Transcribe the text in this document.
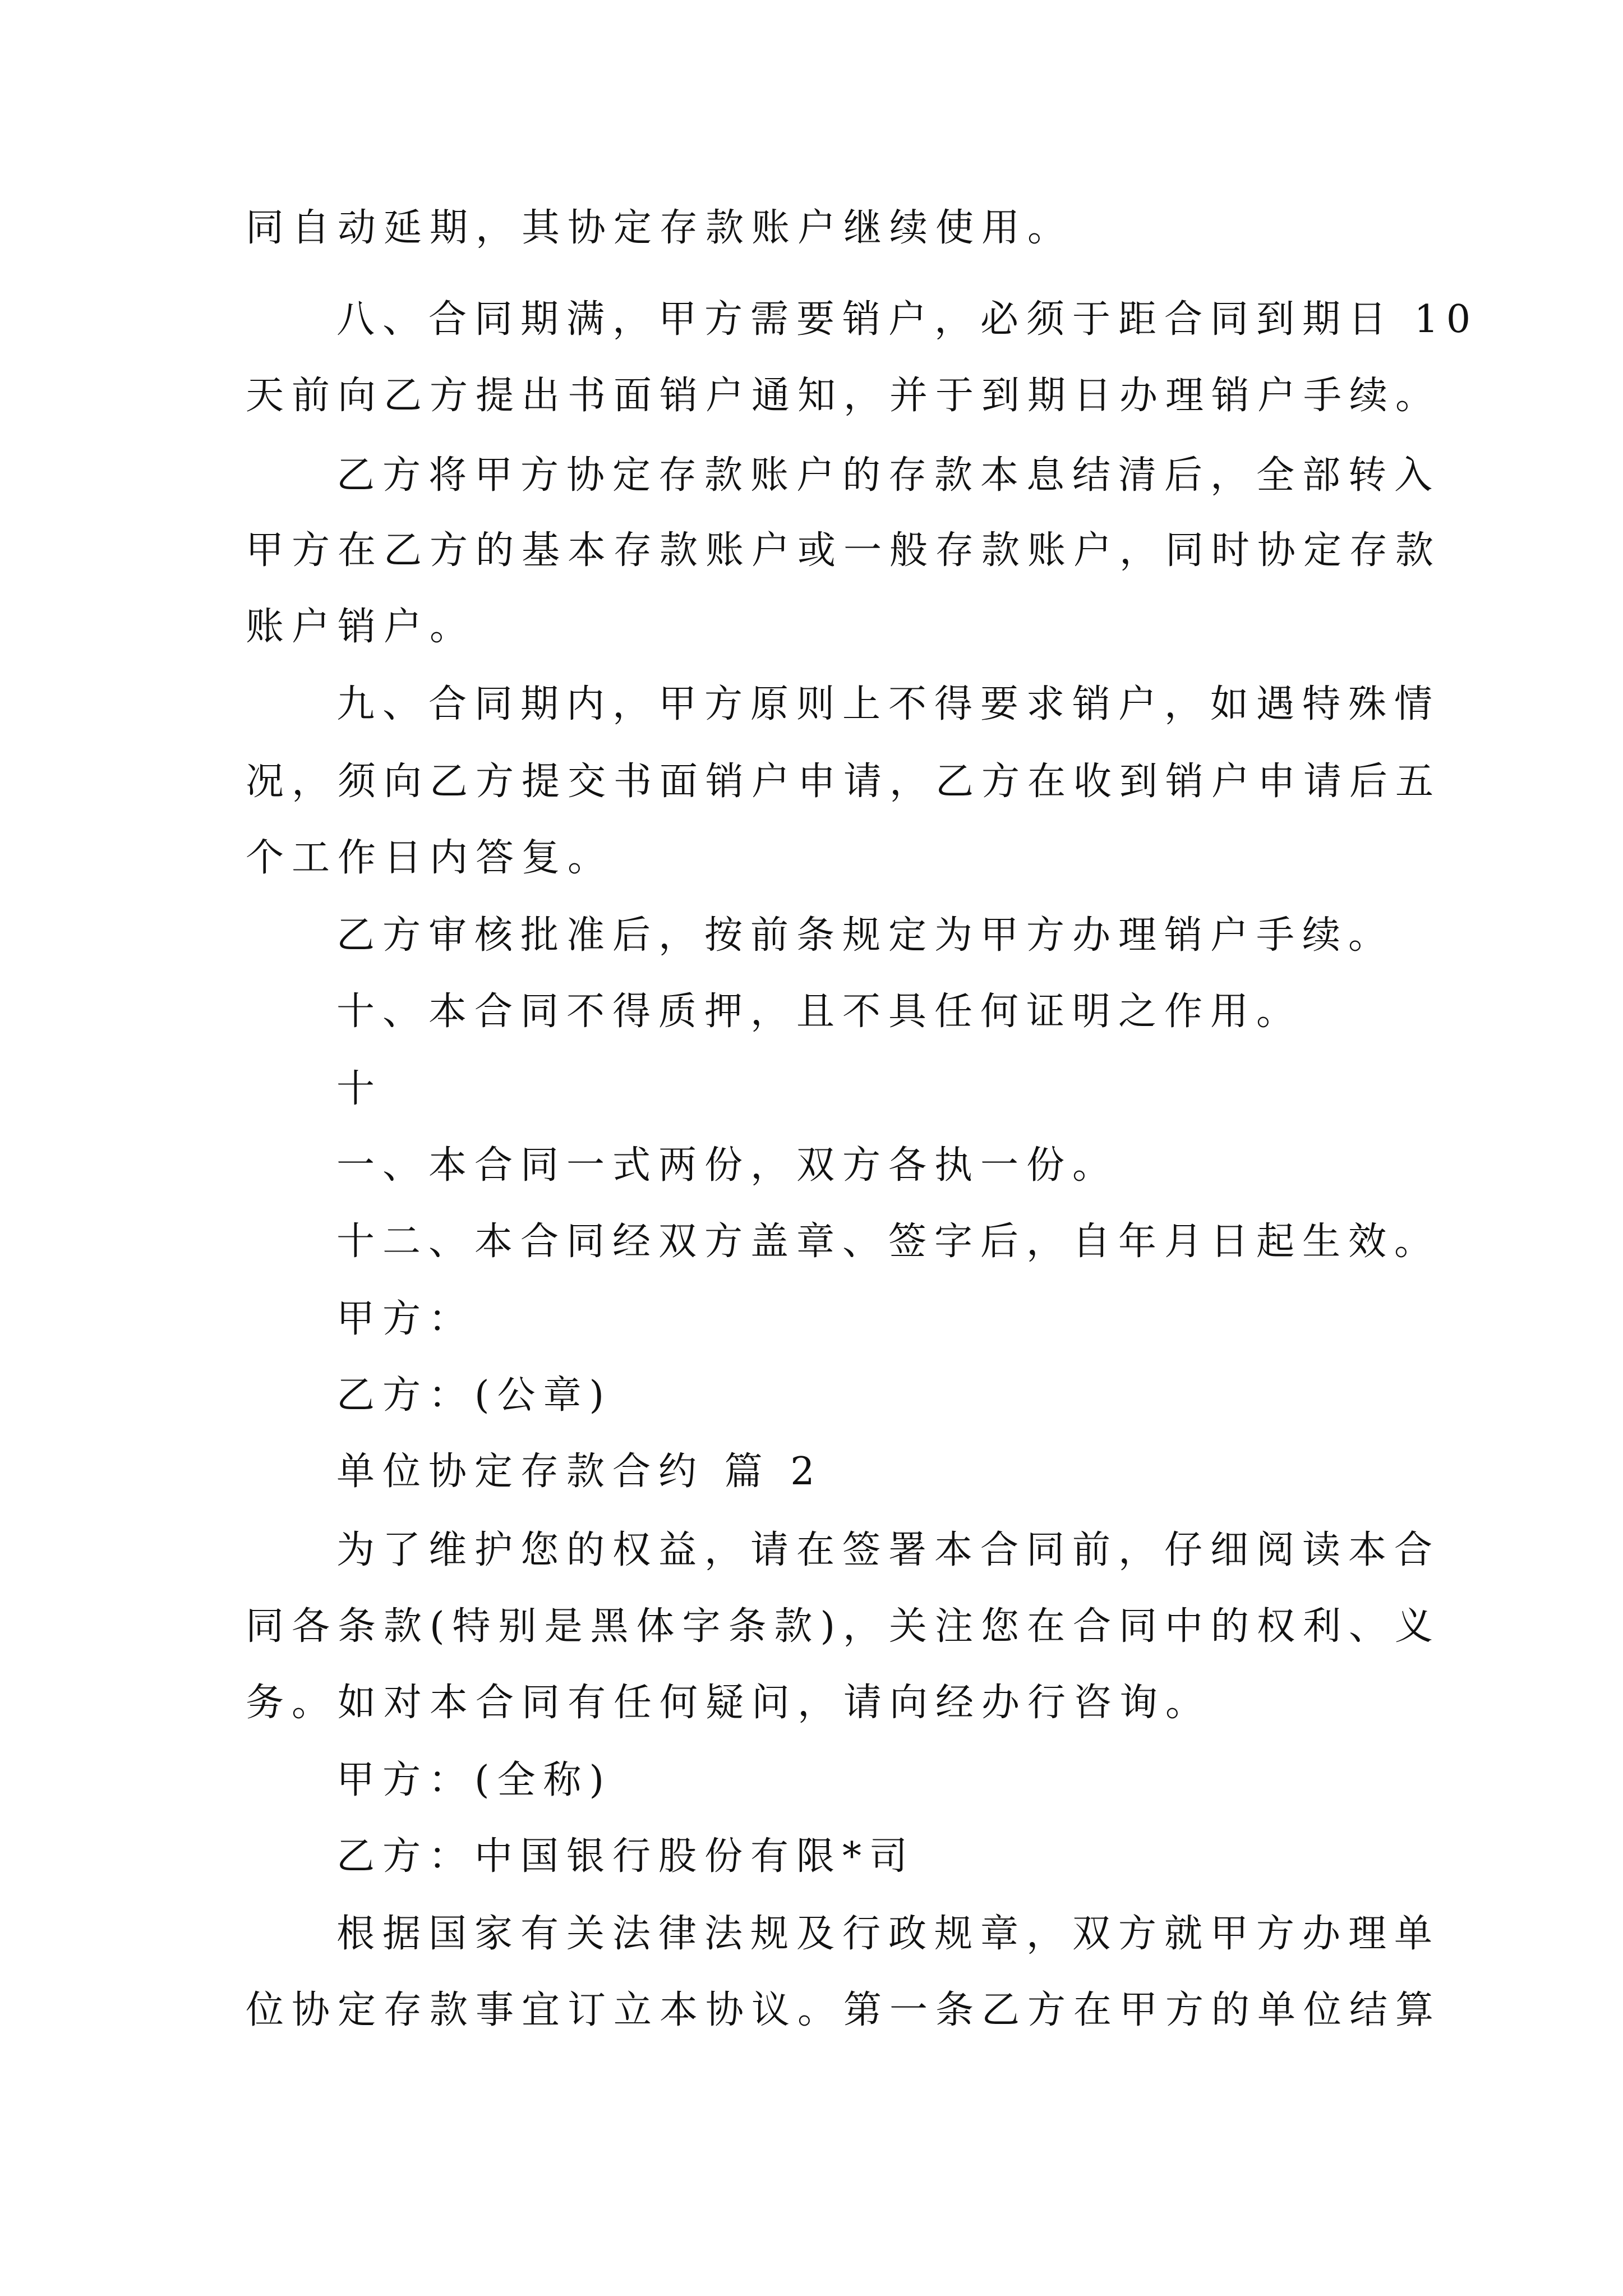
同自动延期，其协定存款账户继续使用。
八、合同期满，甲方需要销户，必须于距合同到期日 10
天前向乙方提出书面销户通知，并于到期日办理销户手续。
乙方将甲方协定存款账户的存款本息结清后，全部转入
甲方在乙方的基本存款账户或一般存款账户，同时协定存款
账户销户。
九、合同期内，甲方原则上不得要求销户，如遇特殊情
况，须向乙方提交书面销户申请，乙方在收到销户申请后五
个工作日内答复。
乙方审核批准后，按前条规定为甲方办理销户手续。
十、本合同不得质押，且不具任何证明之作用。
十
一、本合同一式两份，双方各执一份。
十二、本合同经双方盖章、签字后，自年月日起生效。
甲方：
乙方：(公章)
单位协定存款合约 篇 2
为了维护您的权益，请在签署本合同前，仔细阅读本合
同各条款(特别是黑体字条款)，关注您在合同中的权利、义
务。如对本合同有任何疑问，请向经办行咨询。
甲方：(全称)
乙方：中国银行股份有限*司
根据国家有关法律法规及行政规章，双方就甲方办理单
位协定存款事宜订立本协议。第一条乙方在甲方的单位结算
